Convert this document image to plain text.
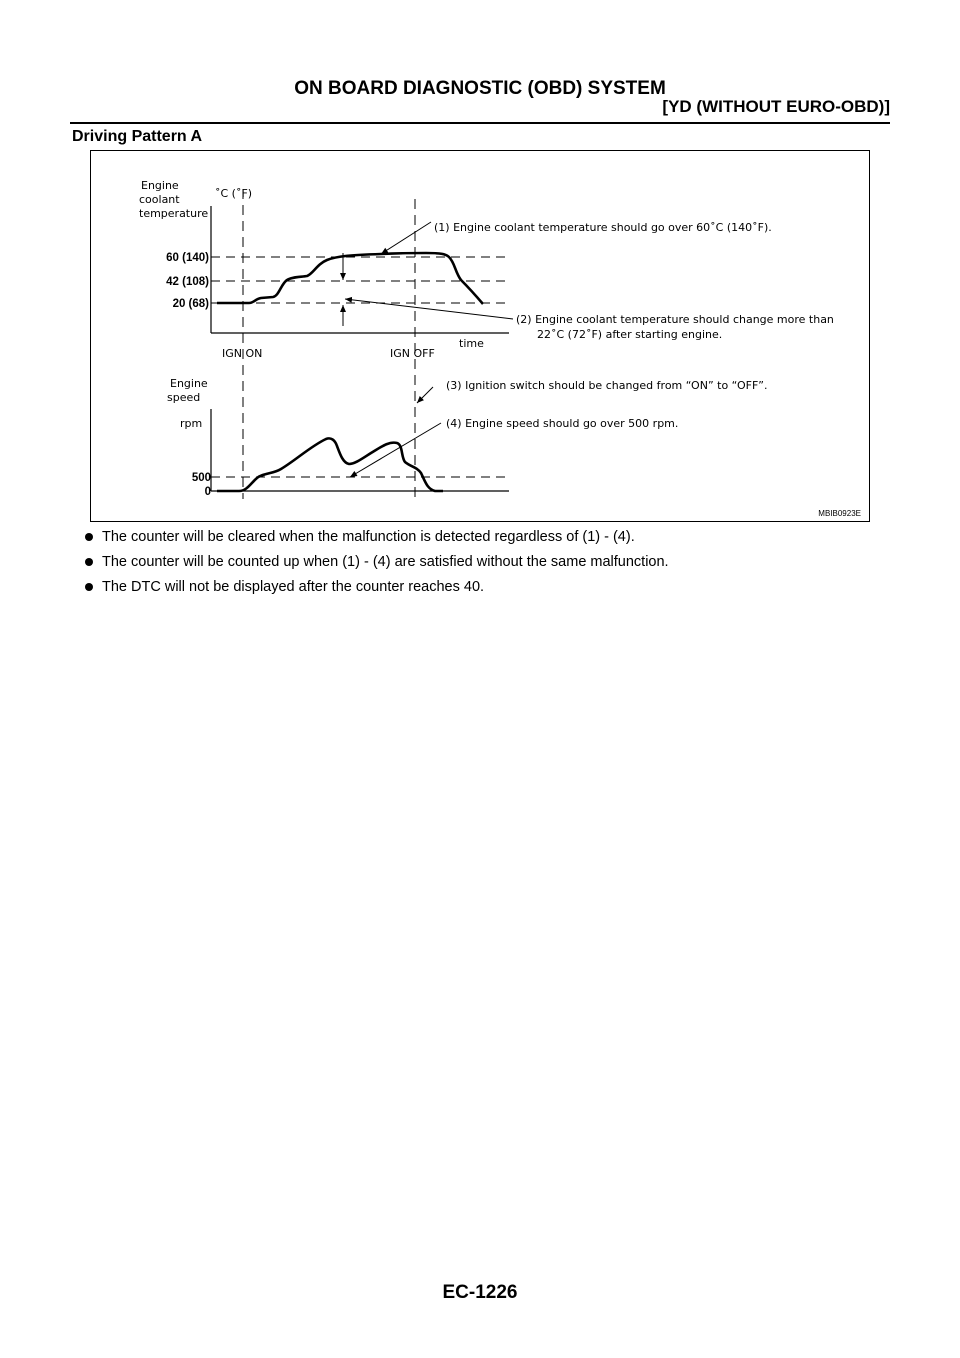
ON BOARD DIAGNOSTIC (OBD) SYSTEM
[YD (WITHOUT EURO-OBD)]
Driving Pattern A
Engine
coolant
temperature
˚C (˚F)
60 (140)
42 (108)
20 (68)
(1) Engine coolant temperature should go over 60˚C (140˚F).
(2) Engine coolant temperature should change more than
22˚C (72˚F) after starting engine.
time
IGN ON	IGN OFF
Engine
speed
rpm
500
0
(3) Ignition switch should be changed from “ON” to “OFF”.
(4) Engine speed should go over 500 rpm.
MBIB0923E
The counter will be cleared when the malfunction is detected regardless of (1) - (4).
The counter will be counted up when (1) - (4) are satisfied without the same malfunction.
The DTC will not be displayed after the counter reaches 40.
EC-1226
